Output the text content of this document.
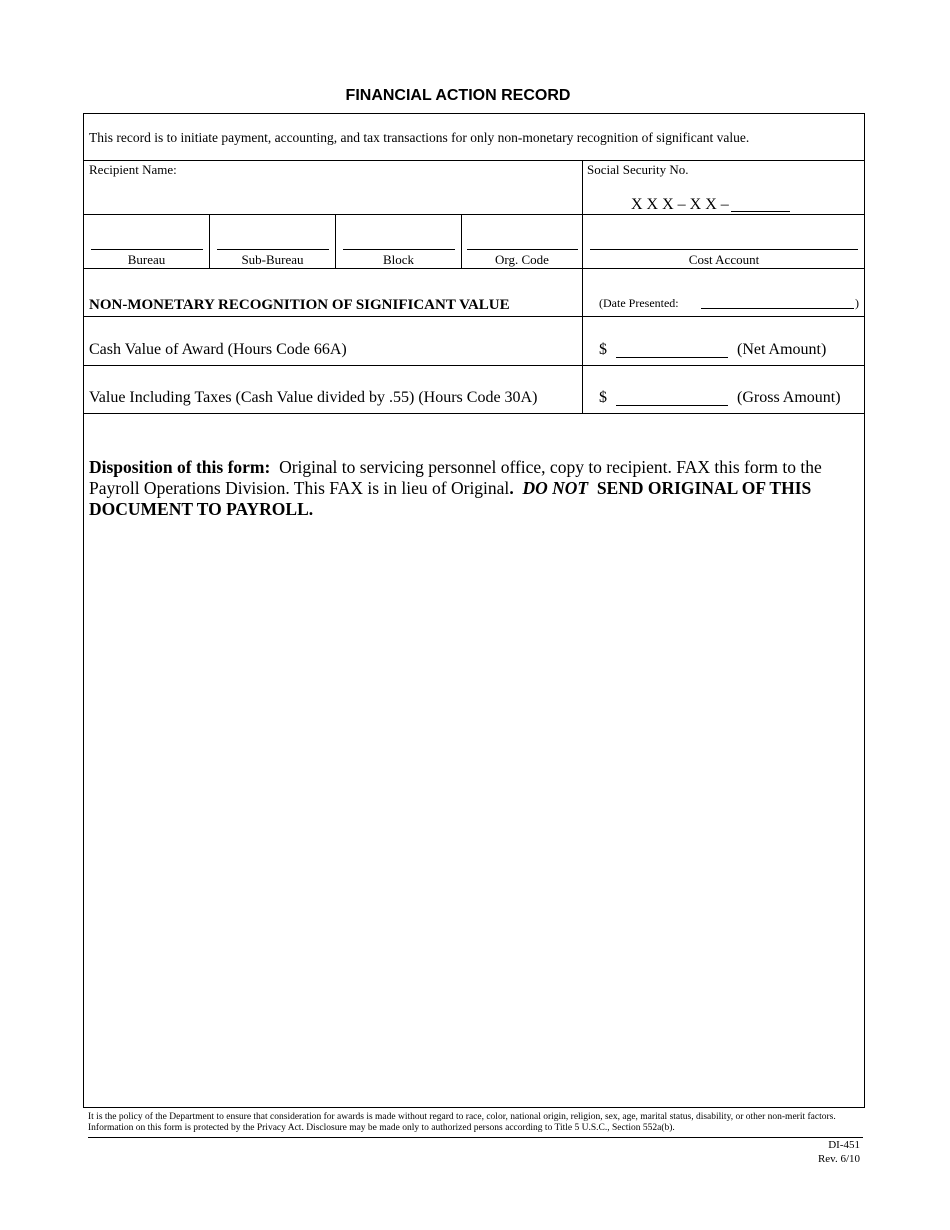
FINANCIAL ACTION RECORD
This record is to initiate payment, accounting, and tax transactions for only non-monetary recognition of significant value.
Recipient Name:	Social Security No.
X X X – X X –
Bureau	Sub-Bureau	Block	Org. Code	Cost Account
NON-MONETARY RECOGNITION OF SIGNIFICANT VALUE	(Date Presented:	)
Cash Value of Award (Hours Code 66A)	$	(Net Amount)
Value Including Taxes (Cash Value divided by .55) (Hours Code 30A)	$	(Gross Amount)
Disposition of this form: Original to servicing personnel office, copy to recipient. FAX this form to the Payroll Operations Division. This FAX is in lieu of Original. DO NOT SEND ORIGINAL OF THIS DOCUMENT TO PAYROLL.
It is the policy of the Department to ensure that consideration for awards is made without regard to race, color, national origin, religion, sex, age, marital status, disability, or other non-merit factors. Information on this form is protected by the Privacy Act. Disclosure may be made only to authorized persons according to Title 5 U.S.C., Section 552a(b).
DI-451
Rev. 6/10
